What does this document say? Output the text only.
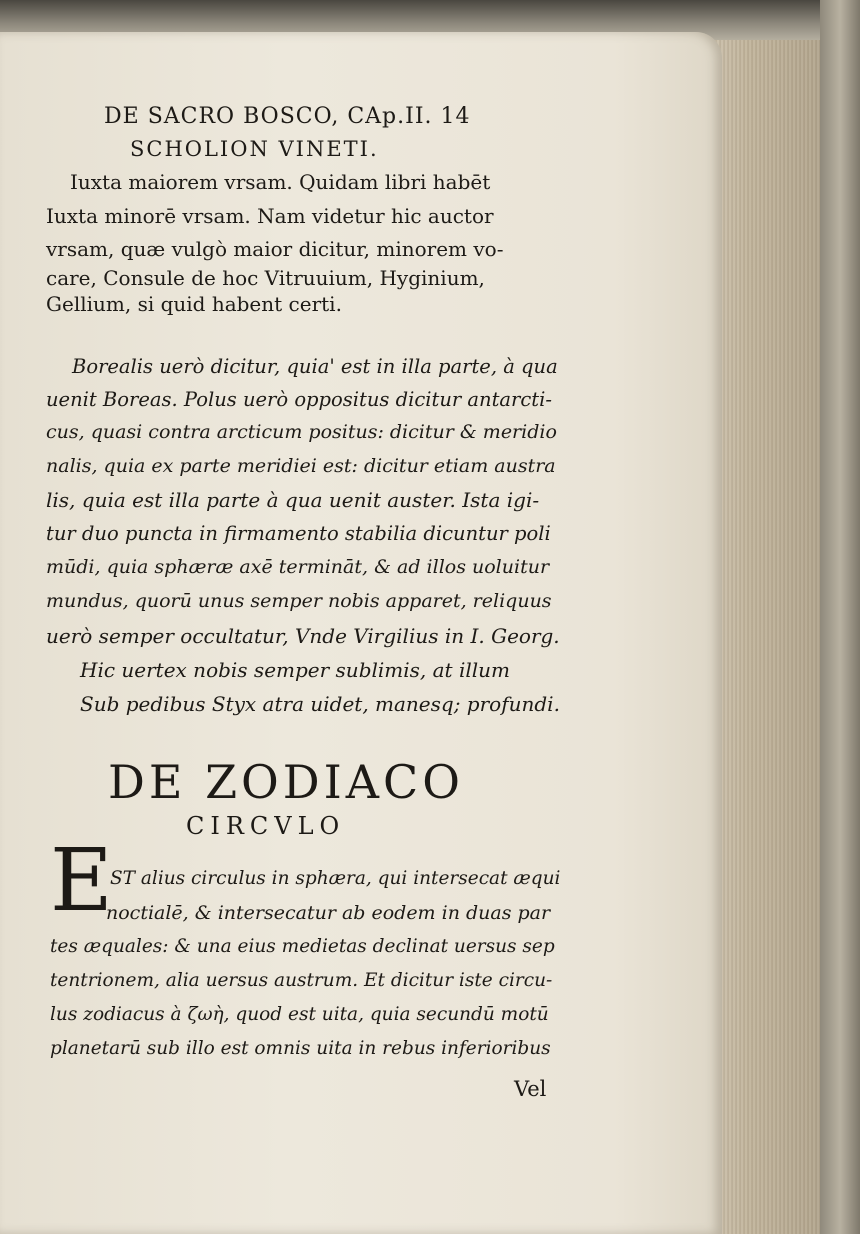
DE SACRO BOSCO, CAp.II. 14
SCHOLION VINETI.
Iuxta maiorem vrsam. Quidam libri habēt
Iuxta minorē vrsam. Nam videtur hic auctor
vrsam, quæ vulgò maior dicitur, minorem vo-
care, Consule de hoc Vitruuium, Hyginium,
Gellium, si quid habent certi.
Borealis uerò dicitur, quia' est in illa parte, à qua
uenit Boreas. Polus uerò oppositus dicitur antarcti-
cus, quasi contra arcticum positus: dicitur & meridio
nalis, quia ex parte meridiei est: dicitur etiam austra
lis, quia est illa parte à qua uenit auster. Ista igi-
tur duo puncta in firmamento stabilia dicuntur poli
mūdi, quia sphæræ axē termināt, & ad illos uoluitur
mundus, quorū unus semper nobis apparet, reliquus
uerò semper occultatur, Vnde Virgilius in I. Georg.
Hic uertex nobis semper sublimis, at illum
Sub pedibus Styx atra uidet, manesq; profundi.
DE ZODIACO
CIRCVLO
E
ST alius circulus in sphæra, qui intersecat æqui
noctialē, & intersecatur ab eodem in duas par
tes æquales: & una eius medietas declinat uersus sep
tentrionem, alia uersus austrum. Et dicitur iste circu-
lus zodiacus à ζωὴ, quod est uita, quia secundū motū
planetarū sub illo est omnis uita in rebus inferioribus
Vel
